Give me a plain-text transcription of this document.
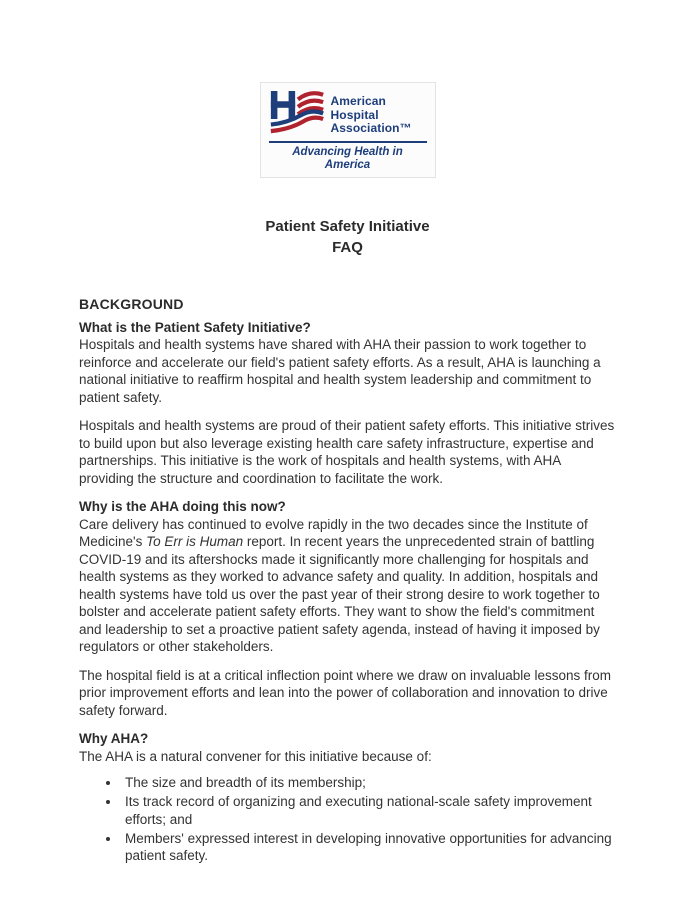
American Hospital
Association™
Advancing Health in America
Patient Safety Initiative
FAQ
BACKGROUND
What is the Patient Safety Initiative?

Hospitals and health systems have shared with AHA their passion to work together to reinforce and accelerate our field's patient safety efforts. As a result, AHA is launching a national initiative to reaffirm hospital and health system leadership and commitment to patient safety.

Hospitals and health systems are proud of their patient safety efforts. This initiative strives to build upon but also leverage existing health care safety infrastructure, expertise and partnerships. This initiative is the work of hospitals and health systems, with AHA providing the structure and coordination to facilitate the work.

Why is the AHA doing this now?

Care delivery has continued to evolve rapidly in the two decades since the Institute of Medicine's To Err is Human report. In recent years the unprecedented strain of battling COVID-19 and its aftershocks made it significantly more challenging for hospitals and health systems as they worked to advance safety and quality. In addition, hospitals and health systems have told us over the past year of their strong desire to work together to bolster and accelerate patient safety efforts. They want to show the field's commitment and leadership to set a proactive patient safety agenda, instead of having it imposed by regulators or other stakeholders.

The hospital field is at a critical inflection point where we draw on invaluable lessons from prior improvement efforts and lean into the power of collaboration and innovation to drive safety forward.

Why AHA?

The AHA is a natural convener for this initiative because of:

• The size and breadth of its membership;
• Its track record of organizing and executing national-scale safety improvement efforts; and
• Members' expressed interest in developing innovative opportunities for advancing patient safety.
